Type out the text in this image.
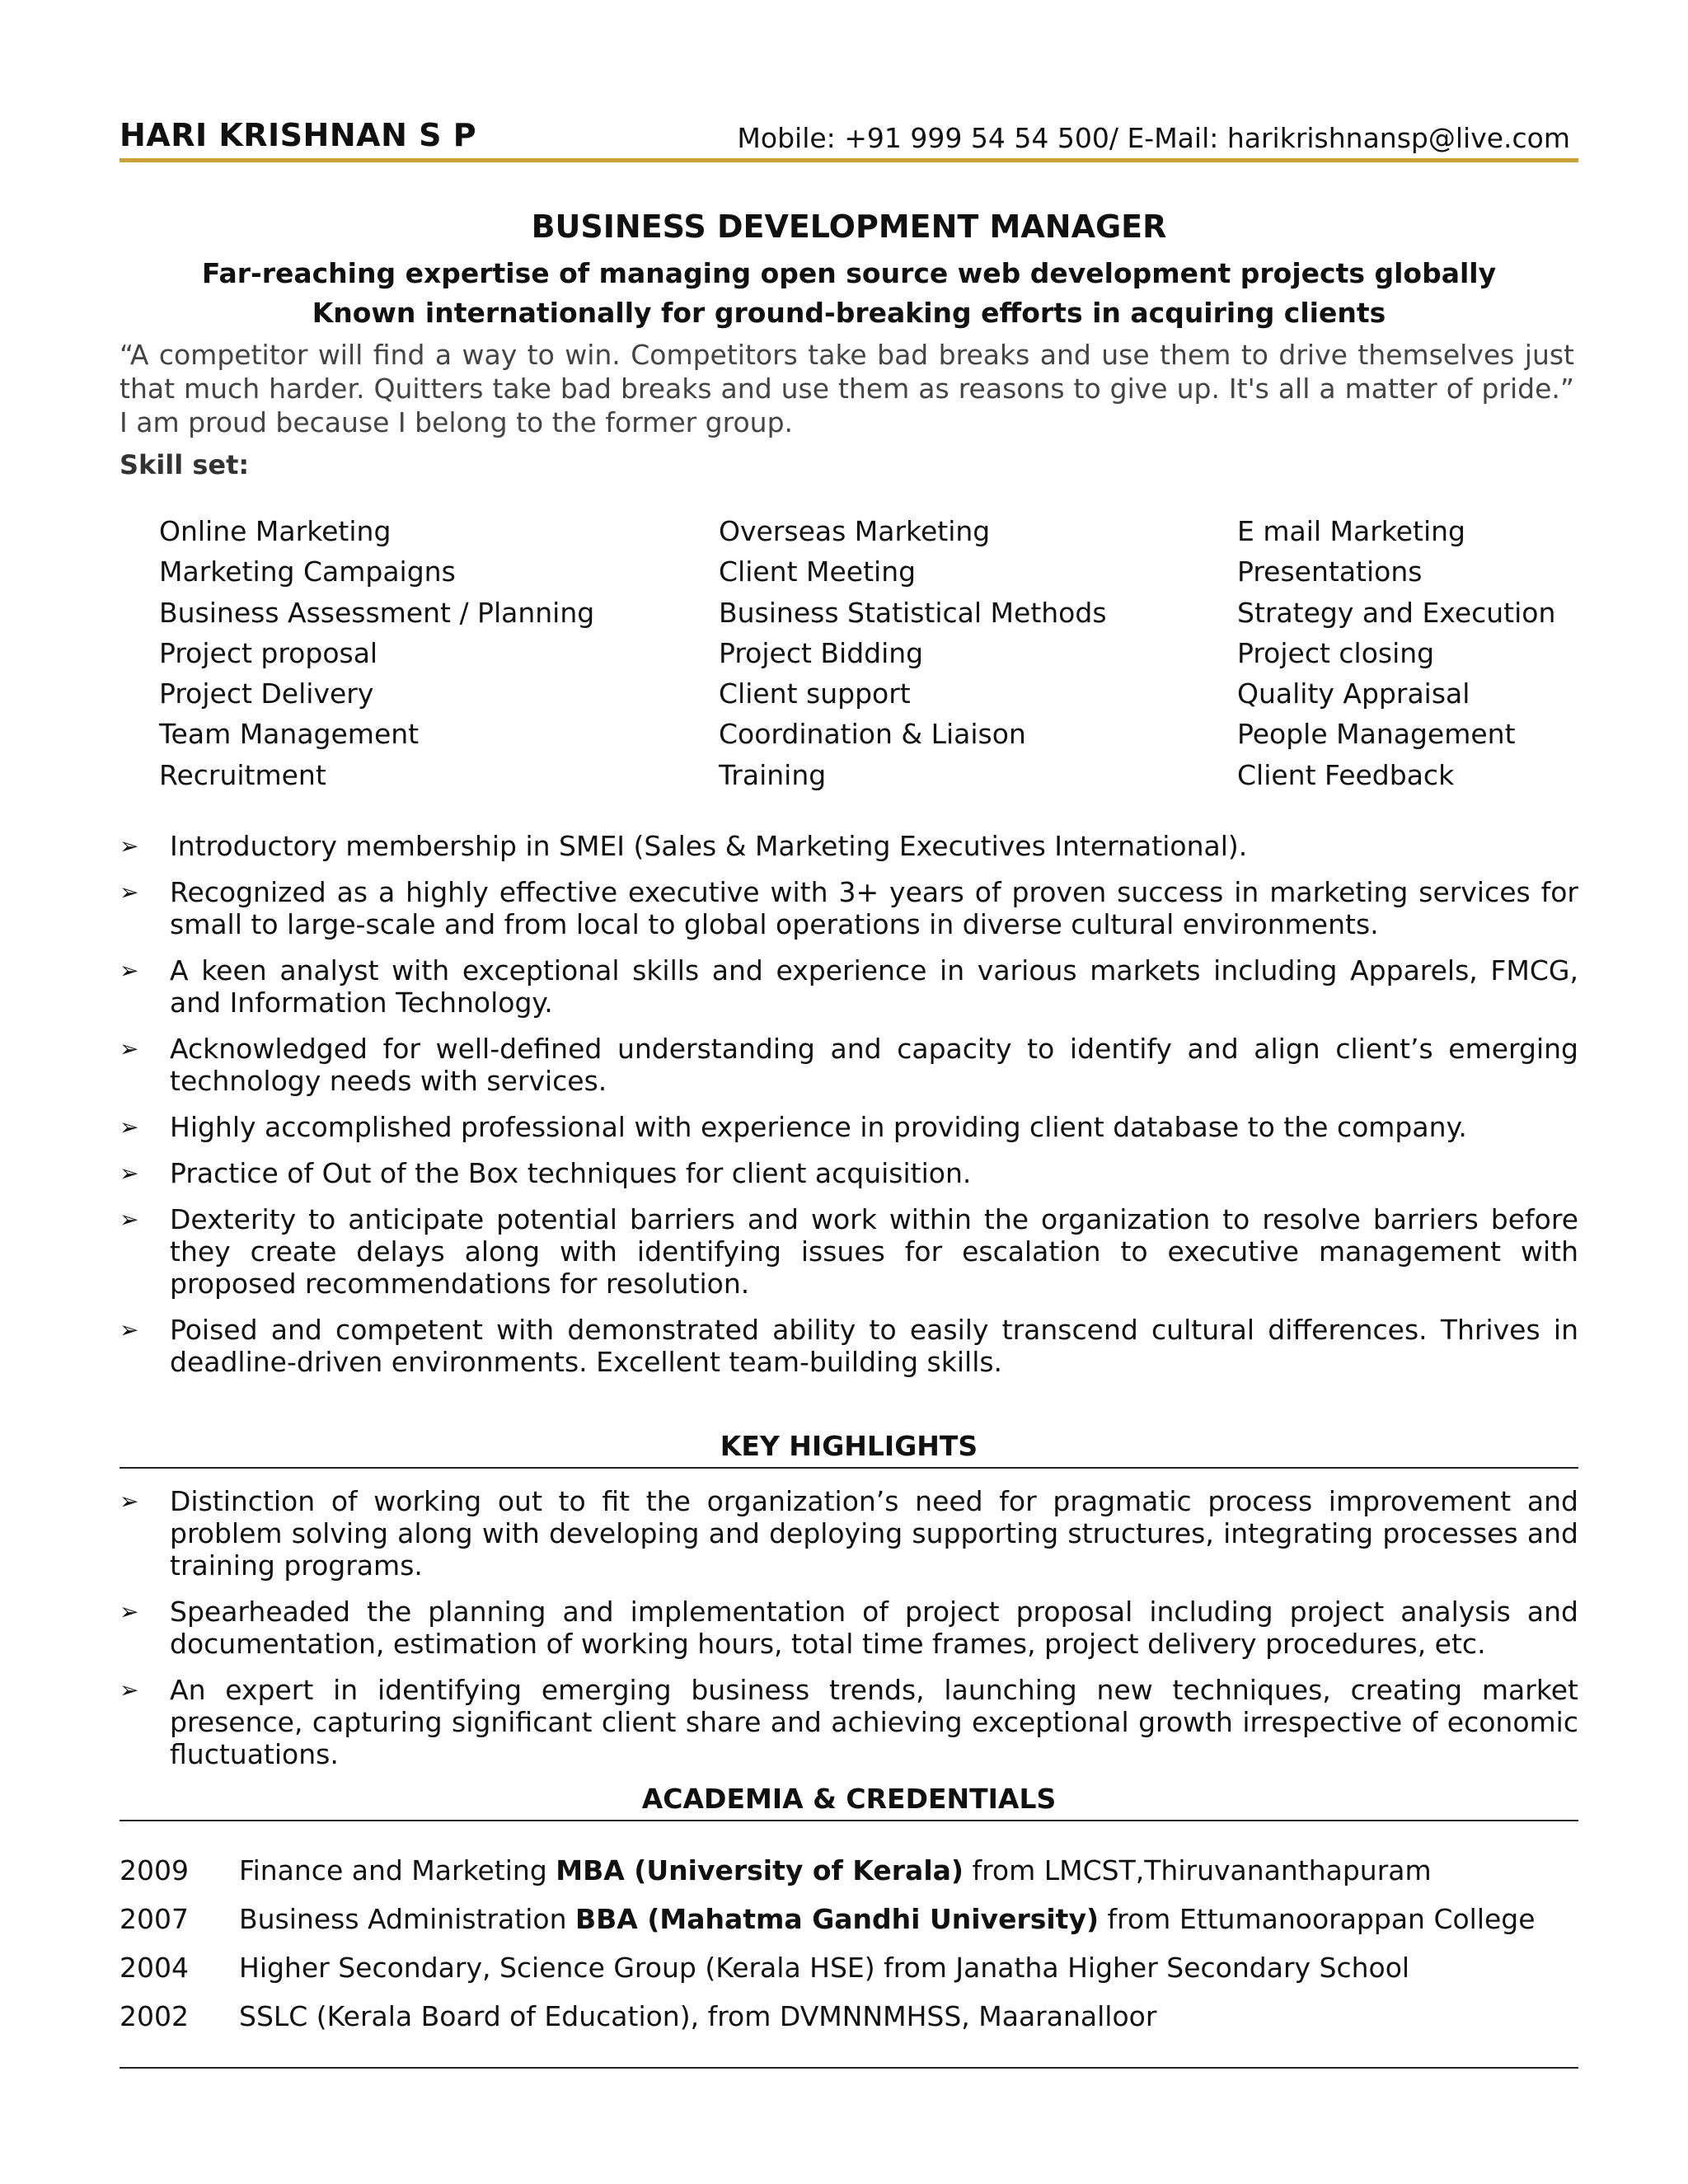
HARI KRISHNAN S P	Mobile: +91 999 54 54 500/ E-Mail: harikrishnansp@live.com
BUSINESS DEVELOPMENT MANAGER
Far-reaching expertise of managing open source web development projects globally
Known internationally for ground-breaking efforts in acquiring clients
“A competitor will find a way to win. Competitors take bad breaks and use them to drive themselves just that much harder. Quitters take bad breaks and use them as reasons to give up. It's all a matter of pride.” I am proud because I belong to the former group.
Skill set:
Online Marketing
Marketing Campaigns
Business Assessment / Planning
Project proposal
Project Delivery
Team Management
Recruitment
Overseas Marketing
Client Meeting
Business Statistical Methods
Project Bidding
Client support
Coordination & Liaison
Training
E mail Marketing
Presentations
Strategy and Execution
Project closing
Quality Appraisal
People Management
Client Feedback
➢ Introductory membership in SMEI (Sales & Marketing Executives International).
➢ Recognized as a highly effective executive with 3+ years of proven success in marketing services for small to large-scale and from local to global operations in diverse cultural environments.
➢ A keen analyst with exceptional skills and experience in various markets including Apparels, FMCG, and Information Technology.
➢ Acknowledged for well-defined understanding and capacity to identify and align client’s emerging technology needs with services.
➢ Highly accomplished professional with experience in providing client database to the company.
➢ Practice of Out of the Box techniques for client acquisition.
➢ Dexterity to anticipate potential barriers and work within the organization to resolve barriers before they create delays along with identifying issues for escalation to executive management with proposed recommendations for resolution.
➢ Poised and competent with demonstrated ability to easily transcend cultural differences. Thrives in deadline-driven environments. Excellent team-building skills.
KEY HIGHLIGHTS
➢ Distinction of working out to fit the organization’s need for pragmatic process improvement and problem solving along with developing and deploying supporting structures, integrating processes and training programs.
➢ Spearheaded the planning and implementation of project proposal including project analysis and documentation, estimation of working hours, total time frames, project delivery procedures, etc.
➢ An expert in identifying emerging business trends, launching new techniques, creating market presence, capturing significant client share and achieving exceptional growth irrespective of economic fluctuations.
ACADEMIA & CREDENTIALS
2009 Finance and Marketing MBA (University of Kerala) from LMCST,Thiruvananthapuram
2007 Business Administration BBA (Mahatma Gandhi University) from Ettumanoorappan College
2004 Higher Secondary, Science Group (Kerala HSE) from Janatha Higher Secondary School
2002 SSLC (Kerala Board of Education), from DVMNNMHSS, Maaranalloor
